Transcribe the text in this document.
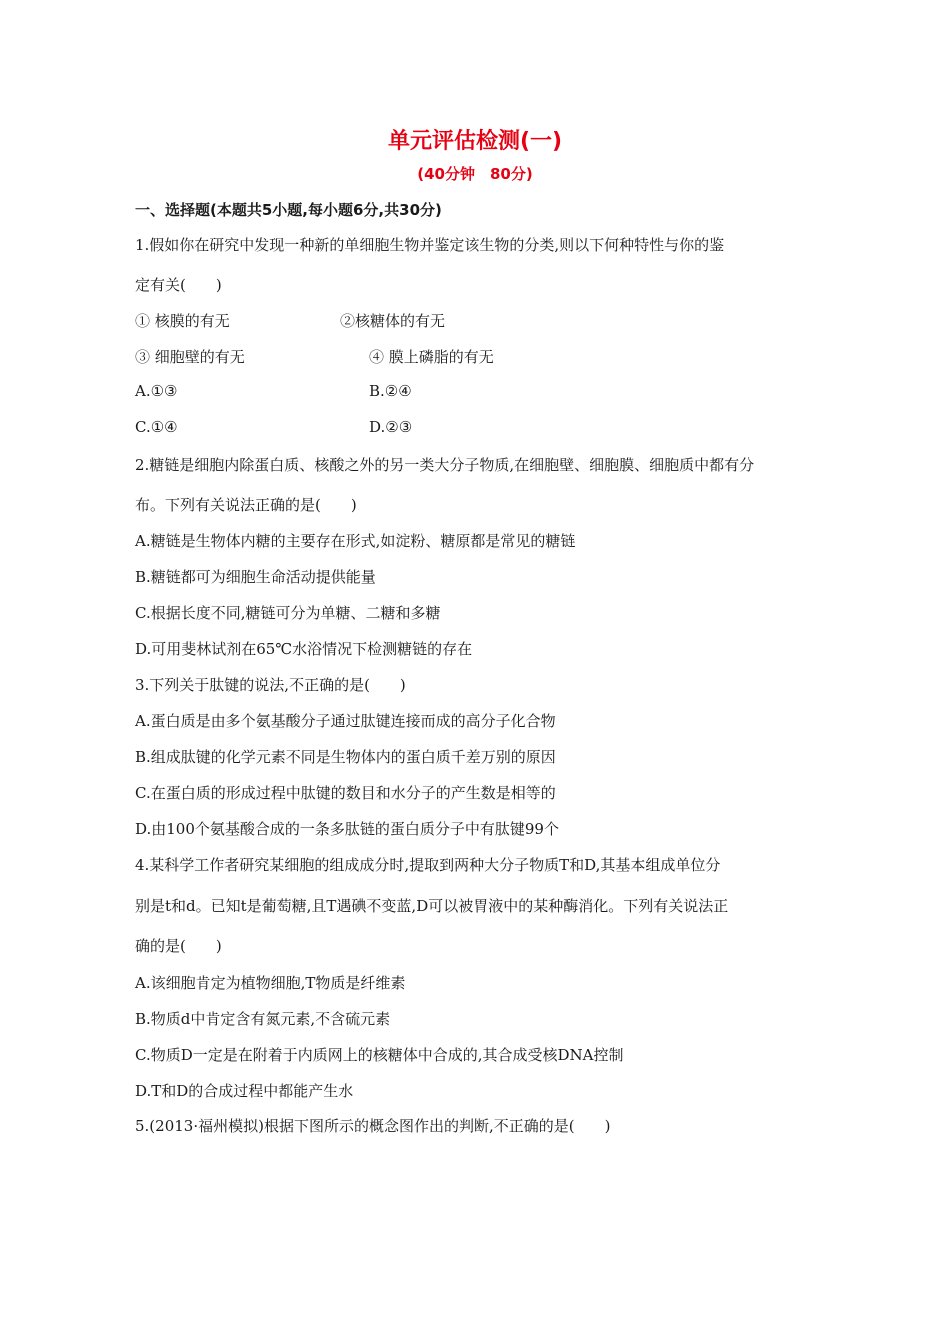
单元评估检测(一)
(40分钟　80分)
一、选择题(本题共5小题,每小题6分,共30分)
1.假如你在研究中发现一种新的单细胞生物并鉴定该生物的分类,则以下何种特性与你的鉴
定有关(　　)
① 核膜的有无	②核糖体的有无
③ 细胞壁的有无	④ 膜上磷脂的有无
A.①③	B.②④
C.①④	D.②③
2.糖链是细胞内除蛋白质、核酸之外的另一类大分子物质,在细胞壁、细胞膜、细胞质中都有分
布。下列有关说法正确的是(　　)
A.糖链是生物体内糖的主要存在形式,如淀粉、糖原都是常见的糖链
B.糖链都可为细胞生命活动提供能量
C.根据长度不同,糖链可分为单糖、二糖和多糖
D.可用斐林试剂在65℃水浴情况下检测糖链的存在
3.下列关于肽键的说法,不正确的是(　　)
A.蛋白质是由多个氨基酸分子通过肽键连接而成的高分子化合物
B.组成肽键的化学元素不同是生物体内的蛋白质千差万别的原因
C.在蛋白质的形成过程中肽键的数目和水分子的产生数是相等的
D.由100个氨基酸合成的一条多肽链的蛋白质分子中有肽键99个
4.某科学工作者研究某细胞的组成成分时,提取到两种大分子物质T和D,其基本组成单位分
别是t和d。已知t是葡萄糖,且T遇碘不变蓝,D可以被胃液中的某种酶消化。下列有关说法正
确的是(　　)
A.该细胞肯定为植物细胞,T物质是纤维素
B.物质d中肯定含有氮元素,不含硫元素
C.物质D一定是在附着于内质网上的核糖体中合成的,其合成受核DNA控制
D.T和D的合成过程中都能产生水
5.(2013·福州模拟)根据下图所示的概念图作出的判断,不正确的是(　　)
